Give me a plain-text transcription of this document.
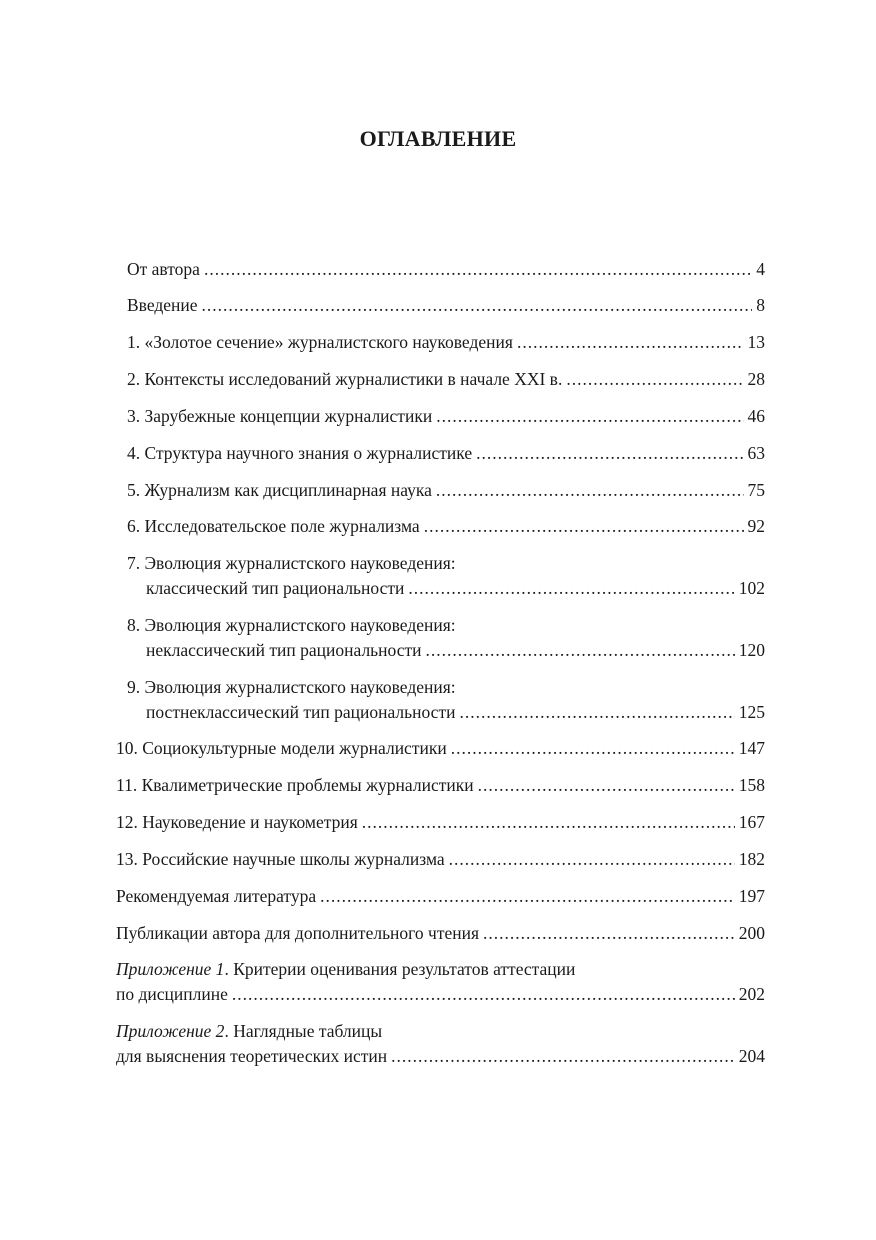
ОГЛАВЛЕНИЕ
От автора .....	4
Введение .....	8
1. «Золотое сечение» журналистского науковедения .....	13
2. Контексты исследований журналистики в начале XXI в. .....	28
3. Зарубежные концепции журналистики .....	46
4. Структура научного знания о журналистике .....	63
5. Журнализм как дисциплинарная наука .....	75
6. Исследовательское поле журнализма .....	92
7. Эволюция журналистского науковедения:
классический тип рациональности .....	102
8. Эволюция журналистского науковедения:
неклассический тип рациональности .....	120
9. Эволюция журналистского науковедения:
постнеклассический тип рациональности .....	125
10. Социокультурные модели журналистики .....	147
11. Квалиметрические проблемы журналистики .....	158
12. Науковедение и наукометрия .....	167
13. Российские научные школы журнализма .....	182
Рекомендуемая литература .....	197
Публикации автора для дополнительного чтения .....	200
Приложение 1 . Критерии оценивания результатов аттестации
по дисциплине .....	202
Приложение 2 . Наглядные таблицы
для выяснения теоретических истин .....	204
